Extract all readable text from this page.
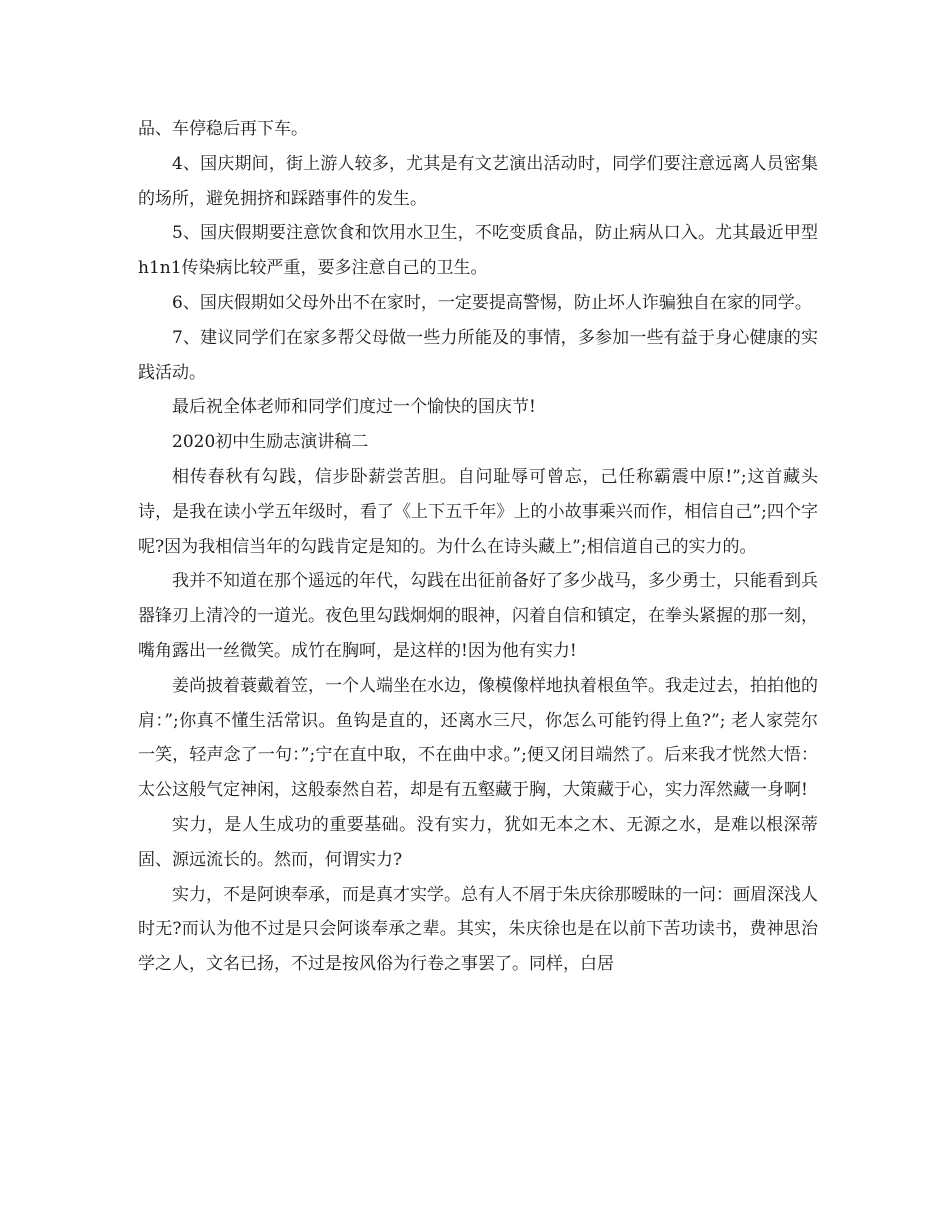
品、车停稳后再下车。

4、国庆期间，街上游人较多，尤其是有文艺演出活动时，同学们要注意远离人员密集的场所，避免拥挤和踩踏事件的发生。

5、国庆假期要注意饮食和饮用水卫生，不吃变质食品，防止病从口入。尤其最近甲型h1n1传染病比较严重，要多注意自己的卫生。

6、国庆假期如父母外出不在家时，一定要提高警惕，防止坏人诈骗独自在家的同学。

7、建议同学们在家多帮父母做一些力所能及的事情，多参加一些有益于身心健康的实践活动。

最后祝全体老师和同学们度过一个愉快的国庆节!

2020初中生励志演讲稿二

相传春秋有勾践，信步卧薪尝苦胆。自问耻辱可曾忘，己任称霸震中原!”;这首藏头诗，是我在读小学五年级时，看了《上下五千年》上的小故事乘兴而作，相信自己”;四个字呢?因为我相信当年的勾践肯定是知的。为什么在诗头藏上”;相信道自己的实力的。

我并不知道在那个遥远的年代，勾践在出征前备好了多少战马，多少勇士，只能看到兵器锋刃上清冷的一道光。夜色里勾践炯炯的眼神，闪着自信和镇定，在拳头紧握的那一刻，嘴角露出一丝微笑。成竹在胸呵，是这样的!因为他有实力!

姜尚披着蓑戴着笠，一个人端坐在水边，像模像样地执着根鱼竿。我走过去，拍拍他的肩：”;你真不懂生活常识。鱼钩是直的，还离水三尺，你怎么可能钓得上鱼?”; 老人家莞尔一笑，轻声念了一句：”;宁在直中取，不在曲中求。”;便又闭目端然了。后来我才恍然大悟：太公这般气定神闲，这般泰然自若，却是有五壑藏于胸，大策藏于心，实力浑然藏一身啊!

实力，是人生成功的重要基础。没有实力，犹如无本之木、无源之水，是难以根深蒂固、源远流长的。然而，何谓实力?

实力，不是阿谀奉承，而是真才实学。总有人不屑于朱庆徐那暧昧的一问：画眉深浅人时无?而认为他不过是只会阿谈奉承之辈。其实，朱庆徐也是在以前下苦功读书，费神思治学之人，文名已扬，不过是按风俗为行卷之事罢了。同样，白居
